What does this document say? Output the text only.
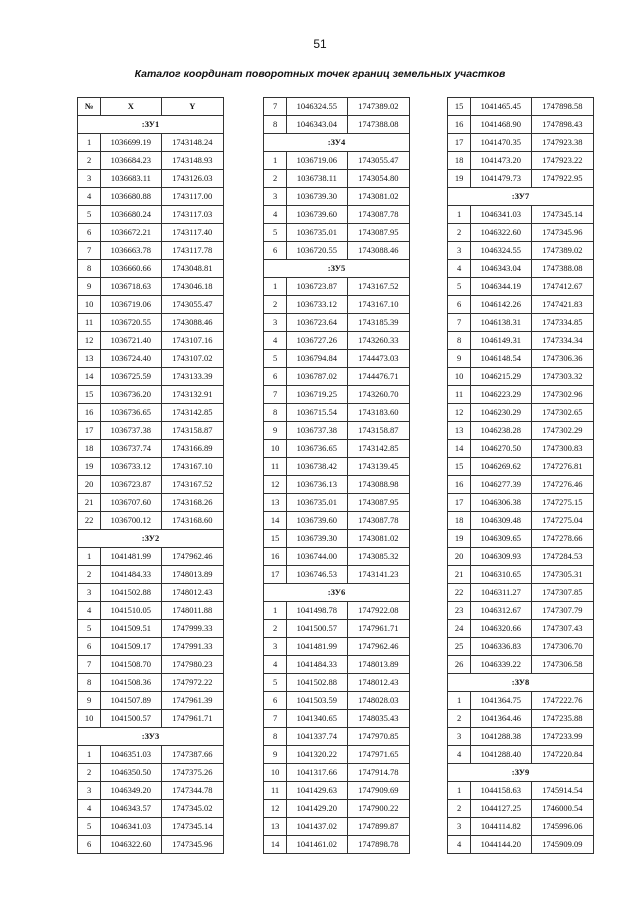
51
Каталог координат поворотных точек границ земельных участков
№	X	Y
:ЗУ1		
1	1036699.19	1743148.24
2	1036684.23	1743148.93
3	1036683.11	1743126.03
4	1036680.88	1743117.00
5	1036680.24	1743117.03
6	1036672.21	1743117.40
7	1036663.78	1743117.78
8	1036660.66	1743048.81
9	1036718.63	1743046.18
10	1036719.06	1743055.47
11	1036720.55	1743088.46
12	1036721.40	1743107.16
13	1036724.40	1743107.02
14	1036725.59	1743133.39
15	1036736.20	1743132.91
16	1036736.65	1743142.85
17	1036737.38	1743158.87
18	1036737.74	1743166.89
19	1036733.12	1743167.10
20	1036723.87	1743167.52
21	1036707.60	1743168.26
22	1036700.12	1743168.60
:ЗУ2		
1	1041481.99	1747962.46
2	1041484.33	1748013.89
3	1041502.88	1748012.43
4	1041510.05	1748011.88
5	1041509.51	1747999.33
6	1041509.17	1747991.33
7	1041508.70	1747980.23
8	1041508.36	1747972.22
9	1041507.89	1747961.39
10	1041500.57	1747961.71
:ЗУ3		
1	1046351.03	1747387.66
2	1046350.50	1747375.26
3	1046349.20	1747344.78
4	1046343.57	1747345.02
5	1046341.03	1747345.14
6	1046322.60	1747345.96
7	1046324.55	1747389.02
8	1046343.04	1747388.08
:ЗУ4		
1	1036719.06	1743055.47
2	1036738.11	1743054.80
3	1036739.30	1743081.02
4	1036739.60	1743087.78
5	1036735.01	1743087.95
6	1036720.55	1743088.46
:ЗУ5		
1	1036723.87	1743167.52
2	1036733.12	1743167.10
3	1036723.64	1743185.39
4	1036727.26	1743260.33
5	1036794.84	1744473.03
6	1036787.02	1744476.71
7	1036719.25	1743260.70
8	1036715.54	1743183.60
9	1036737.38	1743158.87
10	1036736.65	1743142.85
11	1036738.42	1743139.45
12	1036736.13	1743088.98
13	1036735.01	1743087.95
14	1036739.60	1743087.78
15	1036739.30	1743081.02
16	1036744.00	1743085.32
17	1036746.53	1743141.23
:ЗУ6		
1	1041498.78	1747922.08
2	1041500.57	1747961.71
3	1041481.99	1747962.46
4	1041484.33	1748013.89
5	1041502.88	1748012.43
6	1041503.59	1748028.03
7	1041340.65	1748035.43
8	1041337.74	1747970.85
9	1041320.22	1747971.65
10	1041317.66	1747914.78
11	1041429.63	1747909.69
12	1041429.20	1747900.22
13	1041437.02	1747899.87
14	1041461.02	1747898.78
15	1041465.45	1747898.58
16	1041468.90	1747898.43
17	1041470.35	1747923.38
18	1041473.20	1747923.22
19	1041479.73	1747922.95
:ЗУ7		
1	1046341.03	1747345.14
2	1046322.60	1747345.96
3	1046324.55	1747389.02
4	1046343.04	1747388.08
5	1046344.19	1747412.67
6	1046142.26	1747421.83
7	1046138.31	1747334.85
8	1046149.31	1747334.34
9	1046148.54	1747306.36
10	1046215.29	1747303.32
11	1046223.29	1747302.96
12	1046230.29	1747302.65
13	1046238.28	1747302.29
14	1046270.50	1747300.83
15	1046269.62	1747276.81
16	1046277.39	1747276.46
17	1046306.38	1747275.15
18	1046309.48	1747275.04
19	1046309.65	1747278.66
20	1046309.93	1747284.53
21	1046310.65	1747305.31
22	1046311.27	1747307.85
23	1046312.67	1747307.79
24	1046320.66	1747307.43
25	1046336.83	1747306.70
26	1046339.22	1747306.58
:ЗУ8		
1	1041364.75	1747222.76
2	1041364.46	1747235.88
3	1041288.38	1747233.99
4	1041288.40	1747220.84
:ЗУ9		
1	1044158.63	1745914.54
2	1044127.25	1746000.54
3	1044114.82	1745996.06
4	1044144.20	1745909.09
